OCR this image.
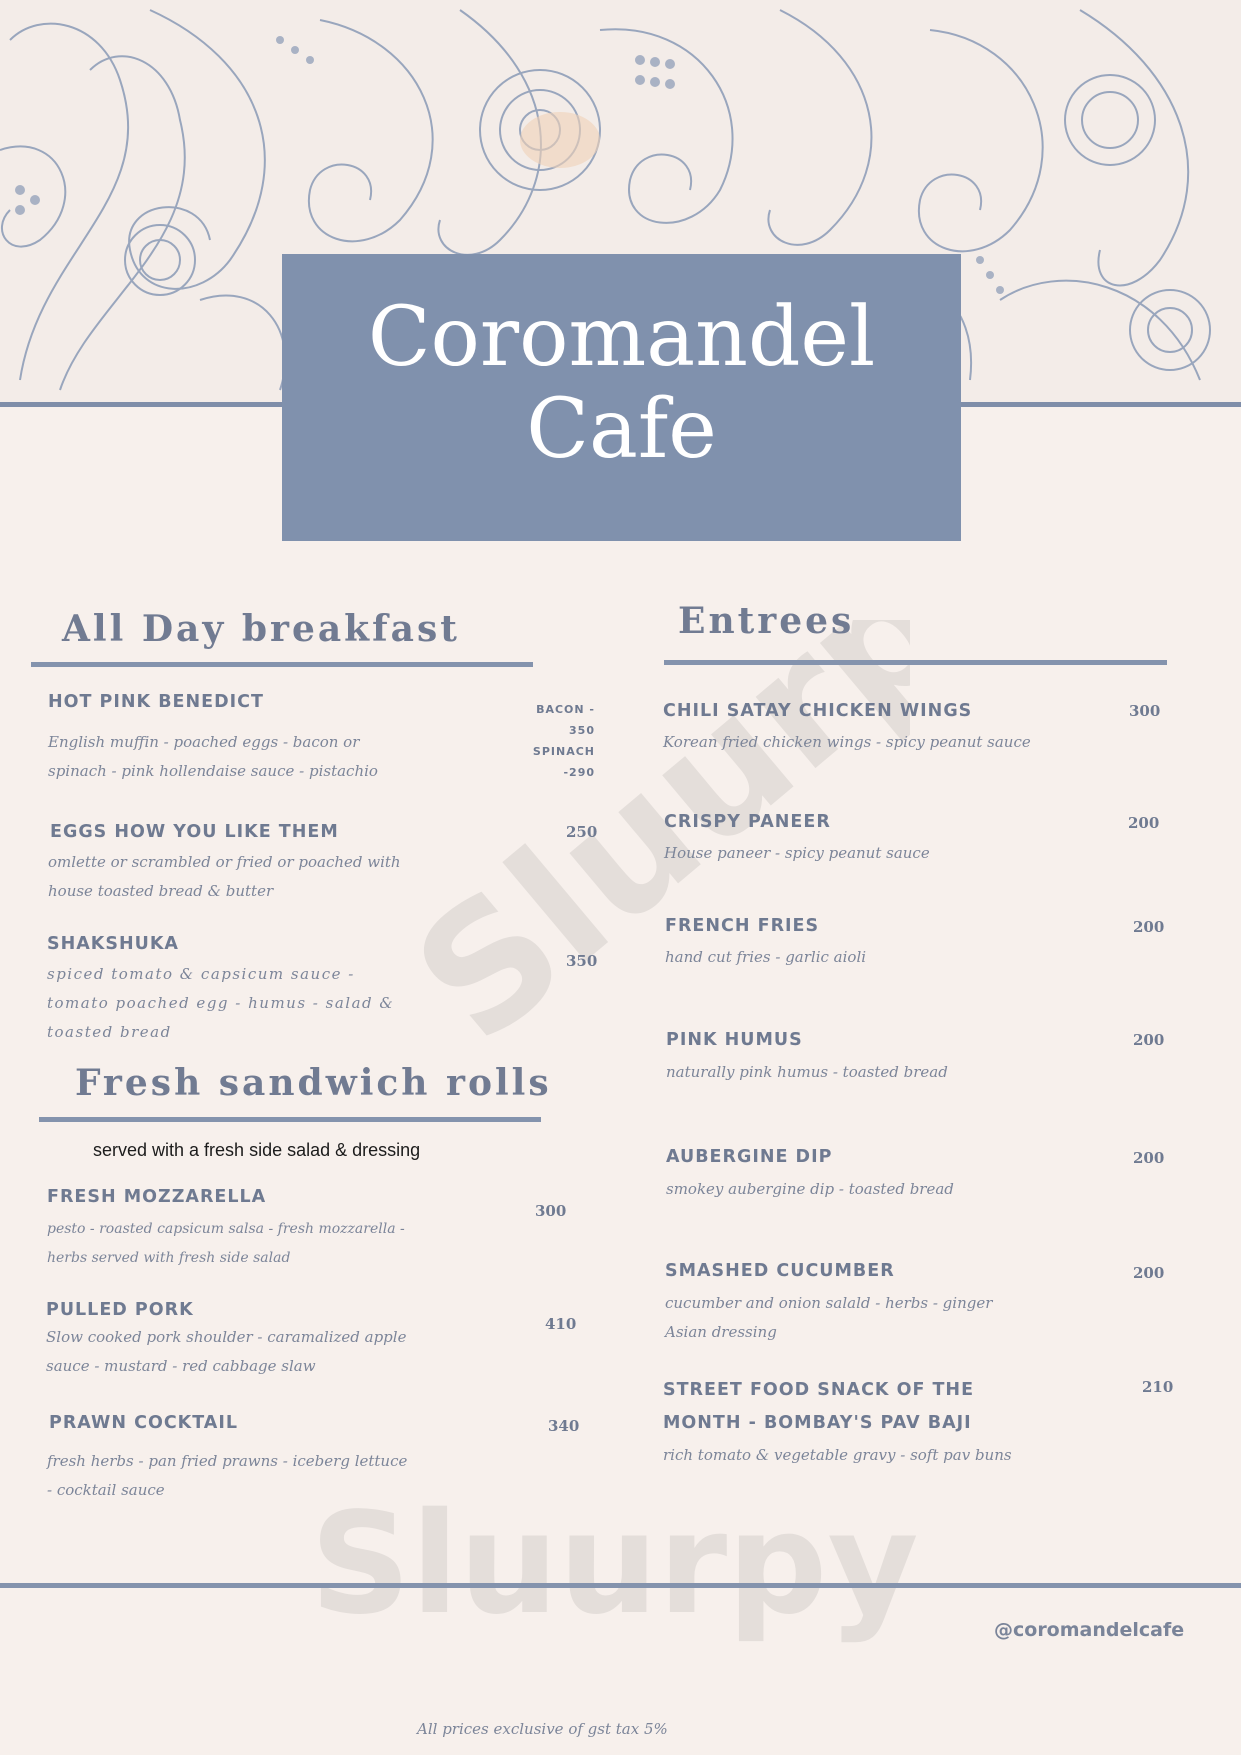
Coromandel
Cafe
Sluurpy
Sluurpy
All Day breakfast
HOT PINK BENEDICT
English muffin - poached eggs - bacon or spinach - pink hollendaise sauce - pistachio
BACON -
350
SPINACH
-290
EGGS HOW YOU LIKE THEM
omlette or scrambled or fried or poached with house toasted bread & butter
250
SHAKSHUKA
spiced tomato & capsicum sauce - tomato poached egg - humus - salad & toasted bread
350
Fresh sandwich rolls
served with a fresh side salad & dressing
FRESH MOZZARELLA
pesto - roasted capsicum salsa - fresh mozzarella - herbs served with fresh side salad
300
PULLED PORK
Slow cooked pork shoulder - caramalized apple sauce - mustard - red cabbage slaw
410
PRAWN COCKTAIL
fresh herbs - pan fried prawns - iceberg lettuce - cocktail sauce
340
Entrees
CHILI SATAY CHICKEN WINGS
Korean fried chicken wings - spicy peanut sauce
300
CRISPY PANEER
House paneer - spicy peanut sauce
200
FRENCH FRIES
hand cut fries - garlic aioli
200
PINK HUMUS
naturally pink humus - toasted bread
200
AUBERGINE DIP
smokey aubergine dip - toasted bread
200
SMASHED CUCUMBER
cucumber and onion salald - herbs - ginger Asian dressing
200
STREET FOOD SNACK OF THE MONTH - BOMBAY'S PAV BAJI
rich tomato & vegetable gravy - soft pav buns
210
@coromandelcafe
All prices exclusive of gst tax 5%
